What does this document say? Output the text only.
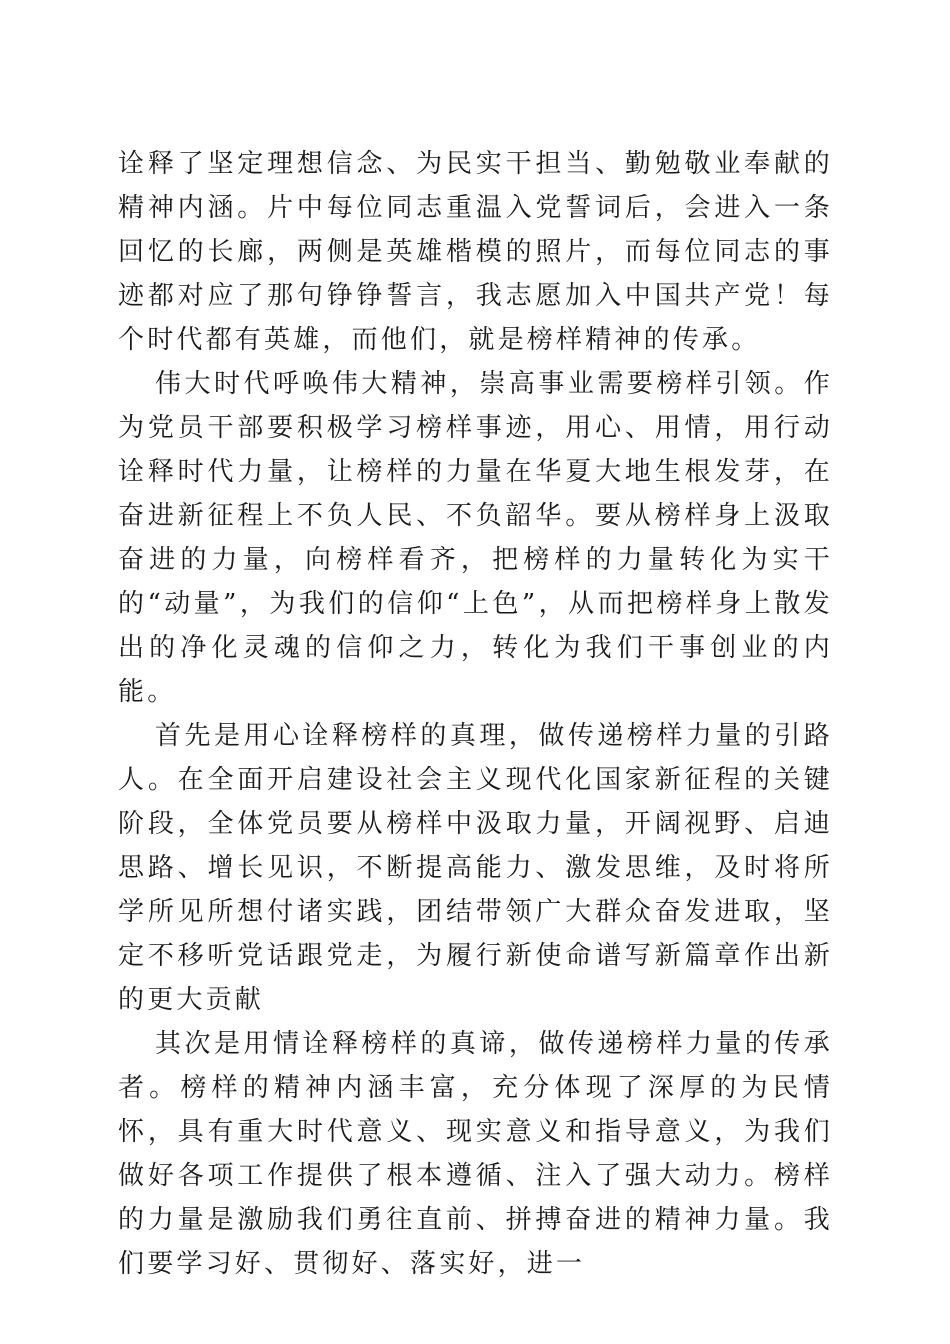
诠释了坚定理想信念、为民实干担当、勤勉敬业奉献的精神内涵。片中每位同志重温入党誓词后，会进入一条回忆的长廊，两侧是英雄楷模的照片，而每位同志的事迹都对应了那句铮铮誓言，我志愿加入中国共产党！每个时代都有英雄，而他们，就是榜样精神的传承。

伟大时代呼唤伟大精神，崇高事业需要榜样引领。作为党员干部要积极学习榜样事迹，用心、用情，用行动诠释时代力量，让榜样的力量在华夏大地生根发芽，在奋进新征程上不负人民、不负韶华。要从榜样身上汲取奋进的力量，向榜样看齐，把榜样的力量转化为实干的“动量”，为我们的信仰“上色”，从而把榜样身上散发出的净化灵魂的信仰之力，转化为我们干事创业的内能。

首先是用心诠释榜样的真理，做传递榜样力量的引路人。在全面开启建设社会主义现代化国家新征程的关键阶段，全体党员要从榜样中汲取力量，开阔视野、启迪思路、增长见识，不断提高能力、激发思维，及时将所学所见所想付诸实践，团结带领广大群众奋发进取，坚定不移听党话跟党走，为履行新使命谱写新篇章作出新的更大贡献

其次是用情诠释榜样的真谛，做传递榜样力量的传承者。榜样的精神内涵丰富，充分体现了深厚的为民情怀，具有重大时代意义、现实意义和指导意义，为我们做好各项工作提供了根本遵循、注入了强大动力。榜样的力量是激励我们勇往直前、拼搏奋进的精神力量。我们要学习好、贯彻好、落实好，进一
